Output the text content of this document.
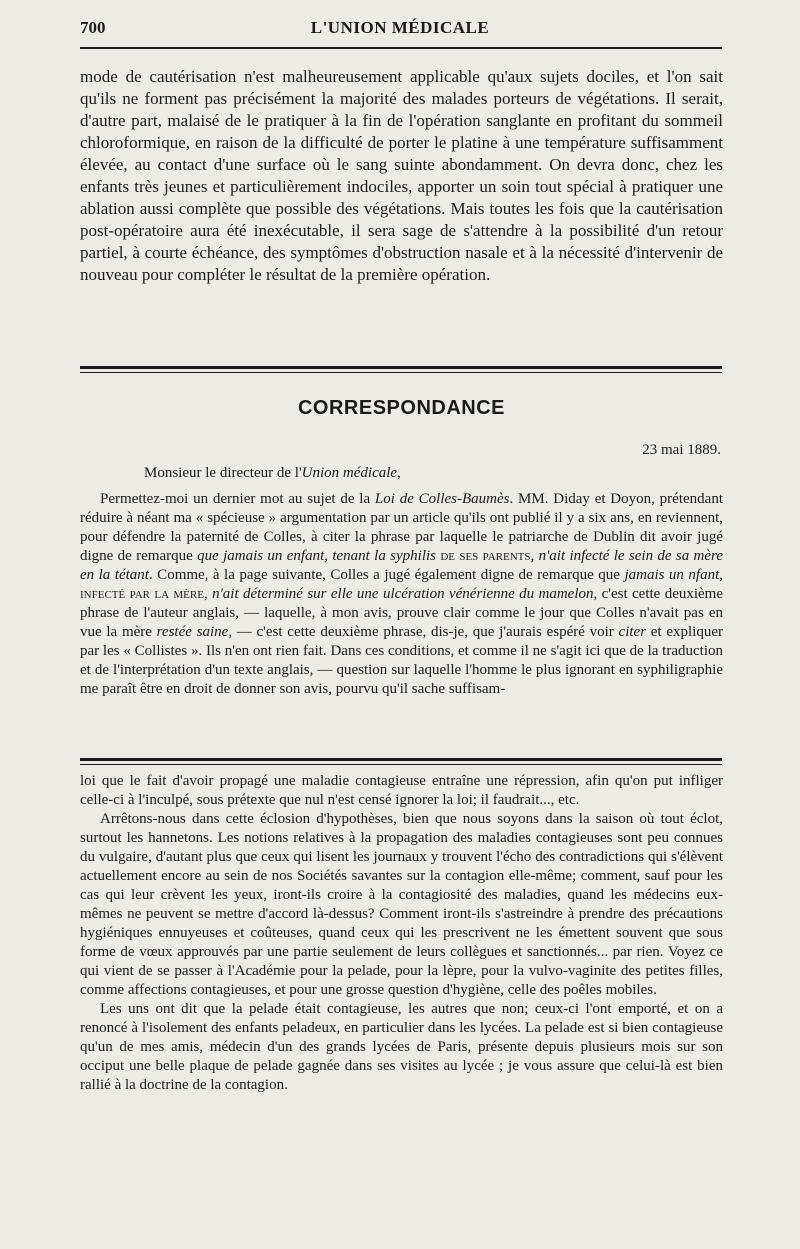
700	L'UNION MÉDICALE

mode de cautérisation n'est malheureusement applicable qu'aux sujets dociles, et l'on sait qu'ils ne forment pas précisément la majorité des malades porteurs de végétations. Il serait, d'autre part, malaisé de le pratiquer à la fin de l'opération sanglante en profitant du sommeil chloroformique, en raison de la difficulté de porter le platine à une température suffisamment élevée, au contact d'une surface où le sang suinte abondamment. On devra donc, chez les enfants très jeunes et particulièrement indociles, apporter un soin tout spécial à pratiquer une ablation aussi complète que possible des végétations. Mais toutes les fois que la cautérisation post-opératoire aura été inexécutable, il sera sage de s'attendre à la possibilité d'un retour partiel, à courte échéance, des symptômes d'obstruction nasale et à la nécessité d'intervenir de nouveau pour compléter le résultat de la première opération.

CORRESPONDANCE
23 mai 1889.
Monsieur le directeur de l'Union médicale,

Permettez-moi un dernier mot au sujet de la Loi de Colles-Baumès. MM. Diday et Doyon, prétendant réduire à néant ma « spécieuse » argumentation par un article qu'ils ont publié il y a six ans, en reviennent, pour défendre la paternité de Colles, à citer la phrase par laquelle le patriarche de Dublin dit avoir jugé digne de remarque que jamais un enfant, tenant la syphilis de ses parents, n'ait infecté le sein de sa mère en la tétant. Comme, à la page suivante, Colles a jugé également digne de remarque que jamais un nfant, infecté par la mère, n'ait déterminé sur elle une ulcération vénérienne du mamelon, c'est cette deuxième phrase de l'auteur anglais, — laquelle, à mon avis, prouve clair comme le jour que Colles n'avait pas en vue la mère restée saine, — c'est cette deuxième phrase, dis-je, que j'aurais espéré voir citer et expliquer par les « Collistes ». Ils n'en ont rien fait. Dans ces conditions, et comme il ne s'agit ici que de la traduction et de l'interprétation d'un texte anglais, — question sur laquelle l'homme le plus ignorant en syphiligraphie me paraît être en droit de donner son avis, pourvu qu'il sache suffisam-

loi que le fait d'avoir propagé une maladie contagieuse entraîne une répression, afin qu'on put infliger celle-ci à l'inculpé, sous prétexte que nul n'est censé ignorer la loi; il faudrait..., etc.

Arrêtons-nous dans cette éclosion d'hypothèses, bien que nous soyons dans la saison où tout éclot, surtout les hannetons. Les notions relatives à la propagation des maladies contagieuses sont peu connues du vulgaire, d'autant plus que ceux qui lisent les journaux y trouvent l'écho des contradictions qui s'élèvent actuellement encore au sein de nos Sociétés savantes sur la contagion elle-même; comment, sauf pour les cas qui leur crèvent les yeux, iront-ils croire à la contagiosité des maladies, quand les médecins eux-mêmes ne peuvent se mettre d'accord là-dessus? Comment iront-ils s'astreindre à prendre des précautions hygiéniques ennuyeuses et coûteuses, quand ceux qui les prescrivent ne les émettent souvent que sous forme de vœux approuvés par une partie seulement de leurs collègues et sanctionnés... par rien. Voyez ce qui vient de se passer à l'Académie pour la pelade, pour la lèpre, pour la vulvo-vaginite des petites filles, comme affections contagieuses, et pour une grosse question d'hygiène, celle des poêles mobiles.

Les uns ont dit que la pelade était contagieuse, les autres que non; ceux-ci l'ont emporté, et on a renoncé à l'isolement des enfants peladeux, en particulier dans les lycées. La pelade est si bien contagieuse qu'un de mes amis, médecin d'un des grands lycées de Paris, présente depuis plusieurs mois sur son occiput une belle plaque de pelade gagnée dans ses visites au lycée ; je vous assure que celui-là est bien rallié à la doctrine de la contagion.
